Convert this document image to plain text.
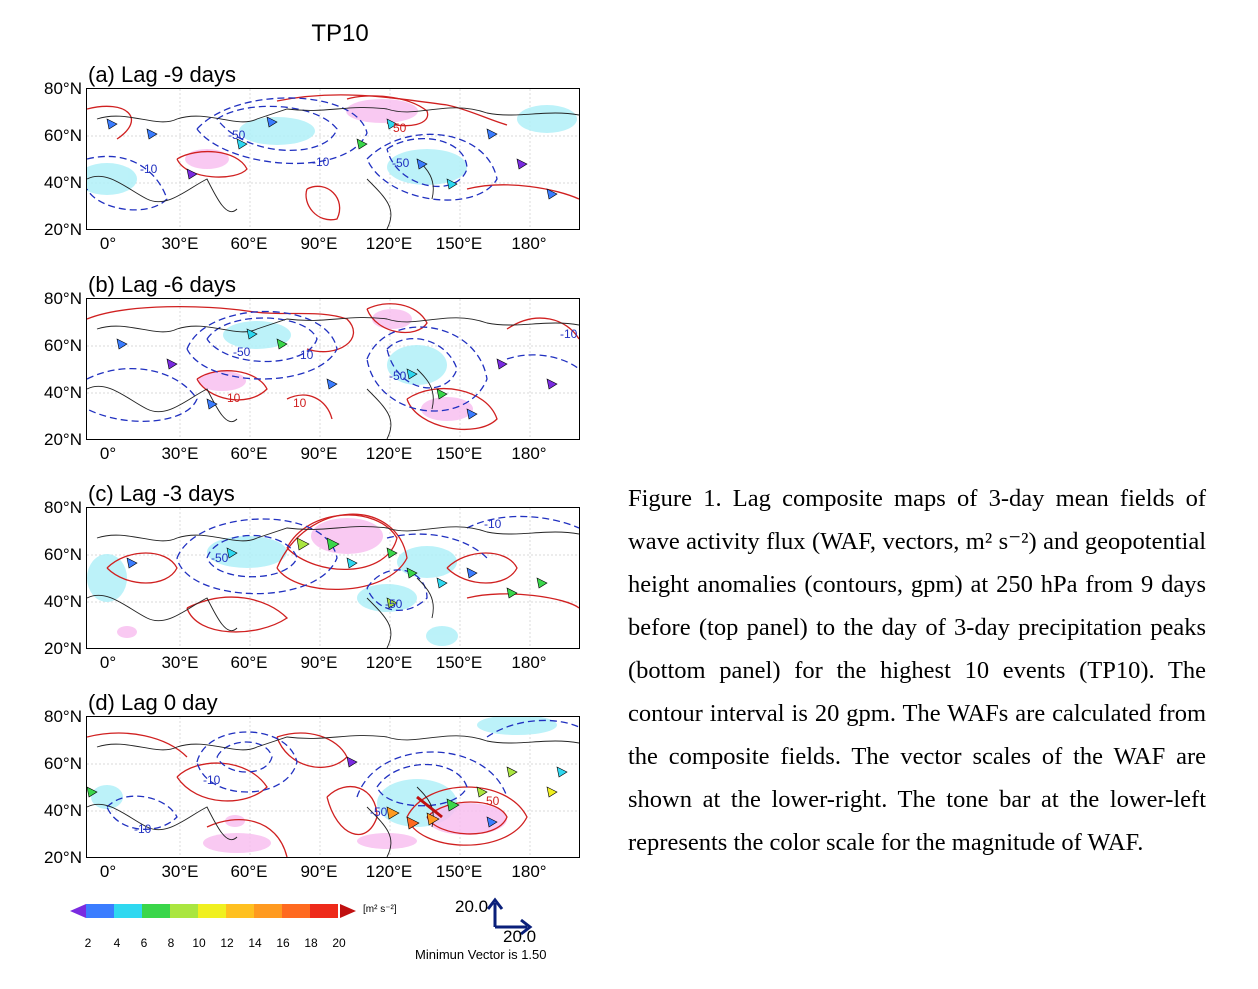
TP10
(a) Lag -9 days
80°N
60°N
40°N
20°N
0°	30°E	60°E	90°E	120°E	150°E	180°
(b) Lag -6 days
80°N
60°N
40°N
20°N
0°	30°E	60°E	90°E	120°E	150°E	180°
(c) Lag -3 days
80°N
60°N
40°N
20°N
0°	30°E	60°E	90°E	120°E	150°E	180°
(d) Lag 0 day
80°N
60°N
40°N
20°N
0°	30°E	60°E	90°E	120°E	150°E	180°
-50
-50
-10
50
-10
-50	-10
10
-50
10
-10
-50
-10
-50
-10
-10
-50
50
2	4	6	8	10 12 14 16 18 20
[m² s⁻²]	20.0
20.0
Minimun Vector is 1.50
Figure 1. Lag composite maps of 3-day mean fields of wave activity flux (WAF, vectors, m² s⁻²) and geopotential height anomalies (contours, gpm) at 250 hPa from 9 days before (top panel) to the day of 3-day precipitation peaks (bottom panel) for the highest 10 events (TP10). The contour interval is 20 gpm. The WAFs are calculated from the composite fields. The vector scales of the WAF are shown at the lower-right. The tone bar at the lower-left represents the color scale for the magnitude of WAF.
